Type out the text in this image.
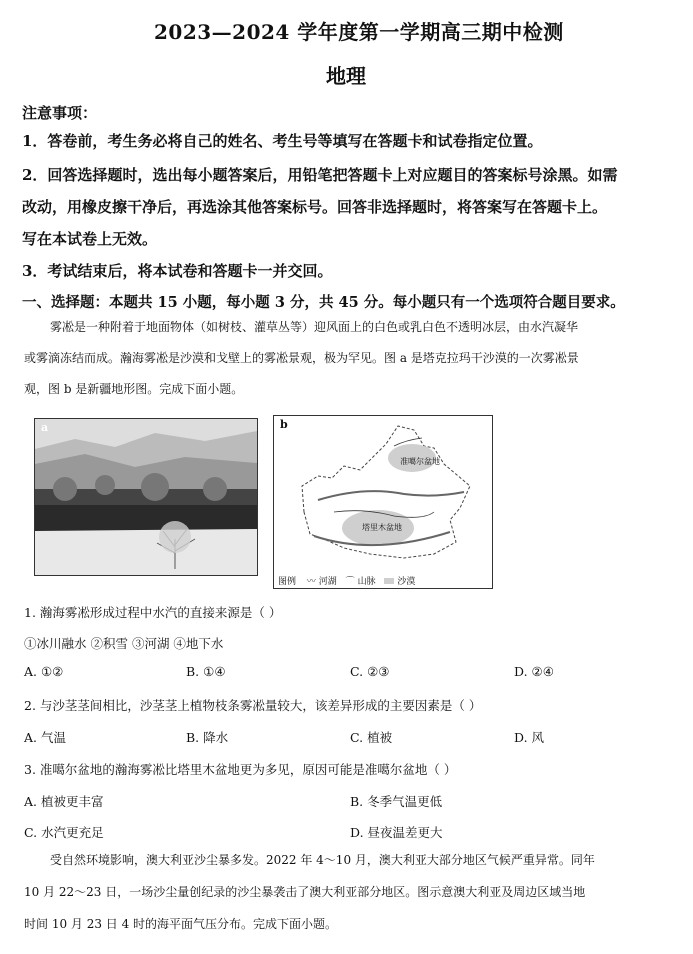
2023—2024 学年度第一学期高三期中检测
地理
注意事项：
1．答卷前，考生务必将自己的姓名、考生号等填写在答题卡和试卷指定位置。
2．回答选择题时，选出每小题答案后，用铅笔把答题卡上对应题目的答案标号涂黑。如需
改动，用橡皮擦干净后，再选涂其他答案标号。回答非选择题时，将答案写在答题卡上。
写在本试卷上无效。
3．考试结束后，将本试卷和答题卡一并交回。
一、选择题：本题共 15 小题，每小题 3 分，共 45 分。每小题只有一个选项符合题目要求。
雾凇是一种附着于地面物体（如树枝、灌草丛等）迎风面上的白色或乳白色不透明冰层，由水汽凝华
或雾滴冻结而成。瀚海雾凇是沙漠和戈壁上的雾凇景观，极为罕见。图 a 是塔克拉玛干沙漠的一次雾凇景
观，图 b 是新疆地形图。完成下面小题。
a	b
准噶尔盆地
塔里木盆地
图例 〰 河湖 ⌒ 山脉 沙漠
1. 瀚海雾凇形成过程中水汽的直接来源是（ ）
①冰川融水 ②积雪 ③河湖 ④地下水
A. ①②	B. ①④	C. ②③	D. ②④
2. 与沙茎茎间相比，沙茎茎上植物枝条雾凇量较大，该差异形成的主要因素是（ ）
A. 气温	B. 降水	C. 植被	D. 风
3. 准噶尔盆地的瀚海雾凇比塔里木盆地更为多见，原因可能是准噶尔盆地（ ）
A. 植被更丰富	B. 冬季气温更低
C. 水汽更充足	D. 昼夜温差更大
受自然环境影响，澳大利亚沙尘暴多发。2022 年 4～10 月，澳大利亚大部分地区气候严重异常。同年
10 月 22～23 日，一场沙尘量创纪录的沙尘暴袭击了澳大利亚部分地区。图示意澳大利亚及周边区域当地
时间 10 月 23 日 4 时的海平面气压分布。完成下面小题。
